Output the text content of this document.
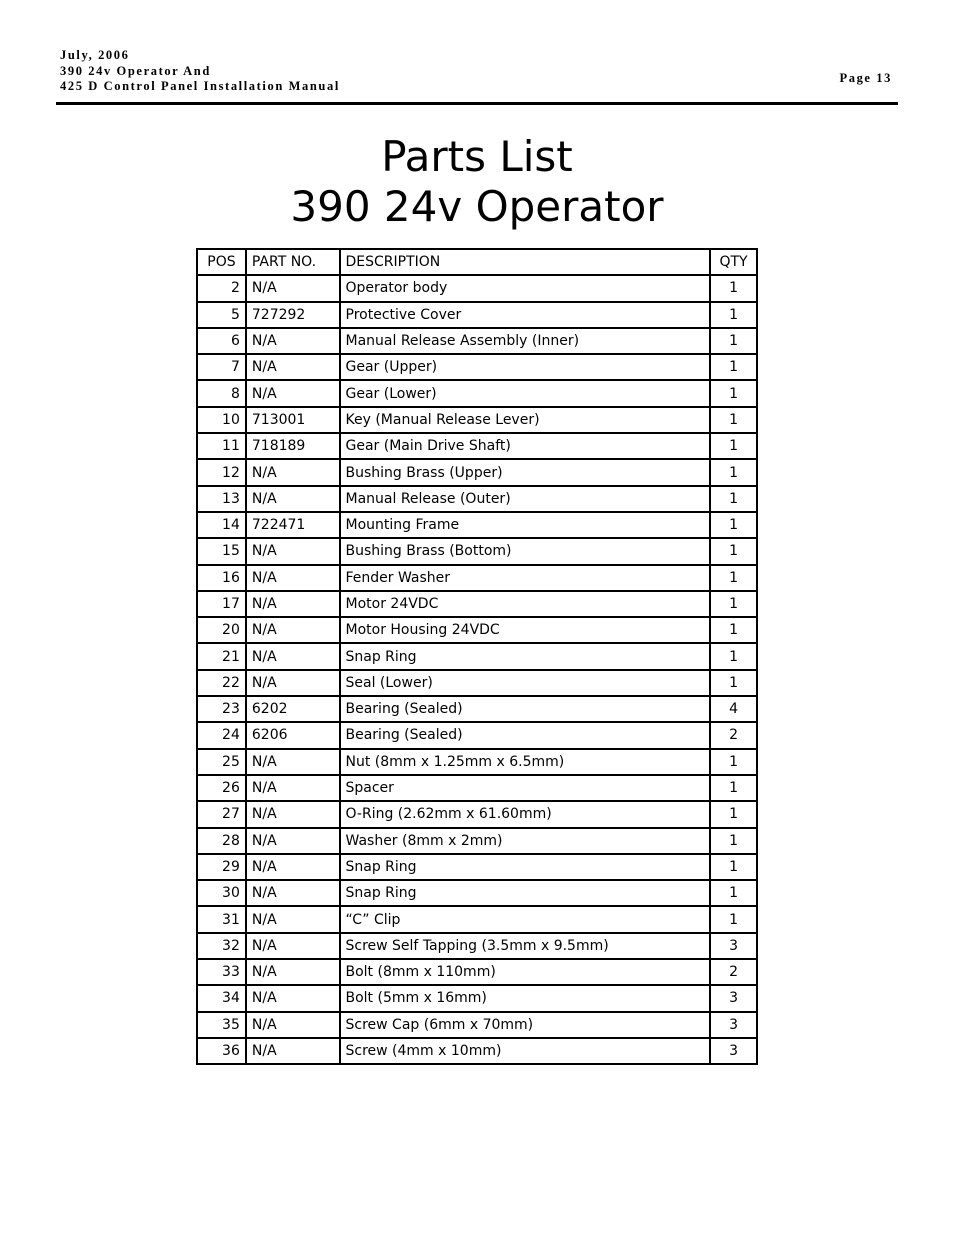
July, 2006
390 24v Operator And
425 D Control Panel Installation Manual
Page 13
Parts List
390 24v Operator
POS	PART NO.	DESCRIPTION	QTY
2	N/A	Operator body	1
5	727292	Protective Cover	1
6	N/A	Manual Release Assembly (Inner)	1
7	N/A	Gear (Upper)	1
8	N/A	Gear (Lower)	1
10	713001	Key (Manual Release Lever)	1
11	718189	Gear (Main Drive Shaft)	1
12	N/A	Bushing Brass (Upper)	1
13	N/A	Manual Release (Outer)	1
14	722471	Mounting Frame	1
15	N/A	Bushing Brass (Bottom)	1
16	N/A	Fender Washer	1
17	N/A	Motor 24VDC	1
20	N/A	Motor Housing 24VDC	1
21	N/A	Snap Ring	1
22	N/A	Seal (Lower)	1
23	6202	Bearing (Sealed)	4
24	6206	Bearing (Sealed)	2
25	N/A	Nut (8mm x 1.25mm x 6.5mm)	1
26	N/A	Spacer	1
27	N/A	O-Ring (2.62mm x 61.60mm)	1
28	N/A	Washer (8mm x 2mm)	1
29	N/A	Snap Ring	1
30	N/A	Snap Ring	1
31	N/A	“C” Clip	1
32	N/A	Screw Self Tapping (3.5mm x 9.5mm)	3
33	N/A	Bolt (8mm x 110mm)	2
34	N/A	Bolt (5mm x 16mm)	3
35	N/A	Screw Cap (6mm x 70mm)	3
36	N/A	Screw (4mm x 10mm)	3
